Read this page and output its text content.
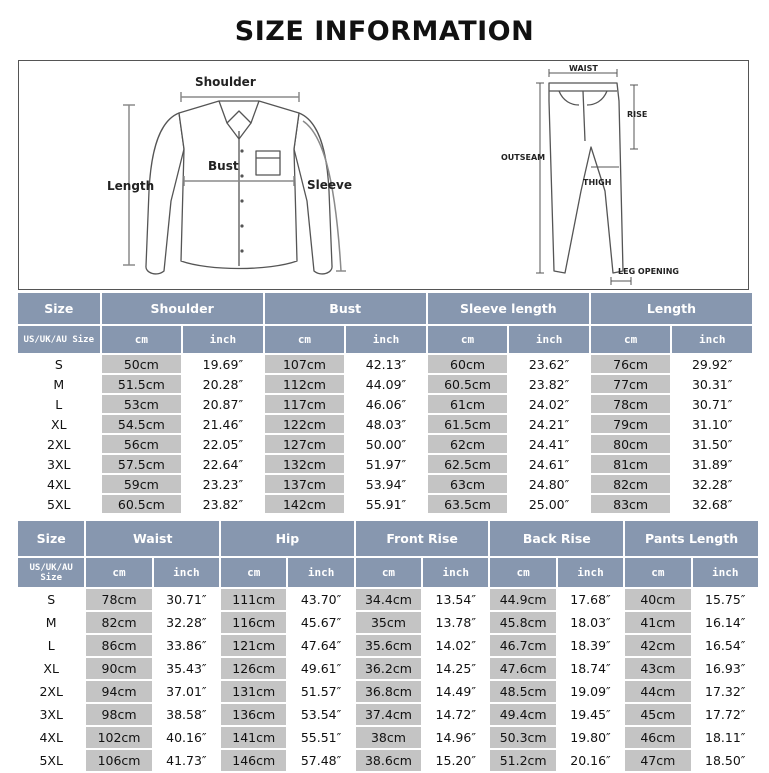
SIZE INFORMATION
Shoulder
Bust
Length	Sleeve
WAIST
RISE
OUTSEAM
THIGH
LEG OPENING
Size	Shoulder		Bust		Sleeve length		Length	
US/UK/AU Size	cm	inch	cm	inch	cm	inch	cm	inch
S	50cm	19.69″	107cm	42.13″	60cm	23.62″	76cm	29.92″
M	51.5cm	20.28″	112cm	44.09″	60.5cm	23.82″	77cm	30.31″
L	53cm	20.87″	117cm	46.06″	61cm	24.02″	78cm	30.71″
XL	54.5cm	21.46″	122cm	48.03″	61.5cm	24.21″	79cm	31.10″
2XL	56cm	22.05″	127cm	50.00″	62cm	24.41″	80cm	31.50″
3XL	57.5cm	22.64″	132cm	51.97″	62.5cm	24.61″	81cm	31.89″
4XL	59cm	23.23″	137cm	53.94″	63cm	24.80″	82cm	32.28″
5XL	60.5cm	23.82″	142cm	55.91″	63.5cm	25.00″	83cm	32.68″
Size	Waist		Hip		Front Rise		Back Rise		Pants Length	
US/UK/AU Size	cm	inch	cm	inch	cm	inch	cm	inch	cm	inch
S	78cm	30.71″	111cm	43.70″	34.4cm	13.54″	44.9cm	17.68″	40cm	15.75″
M	82cm	32.28″	116cm	45.67″	35cm	13.78″	45.8cm	18.03″	41cm	16.14″
L	86cm	33.86″	121cm	47.64″	35.6cm	14.02″	46.7cm	18.39″	42cm	16.54″
XL	90cm	35.43″	126cm	49.61″	36.2cm	14.25″	47.6cm	18.74″	43cm	16.93″
2XL	94cm	37.01″	131cm	51.57″	36.8cm	14.49″	48.5cm	19.09″	44cm	17.32″
3XL	98cm	38.58″	136cm	53.54″	37.4cm	14.72″	49.4cm	19.45″	45cm	17.72″
4XL	102cm	40.16″	141cm	55.51″	38cm	14.96″	50.3cm	19.80″	46cm	18.11″
5XL	106cm	41.73″	146cm	57.48″	38.6cm	15.20″	51.2cm	20.16″	47cm	18.50″
